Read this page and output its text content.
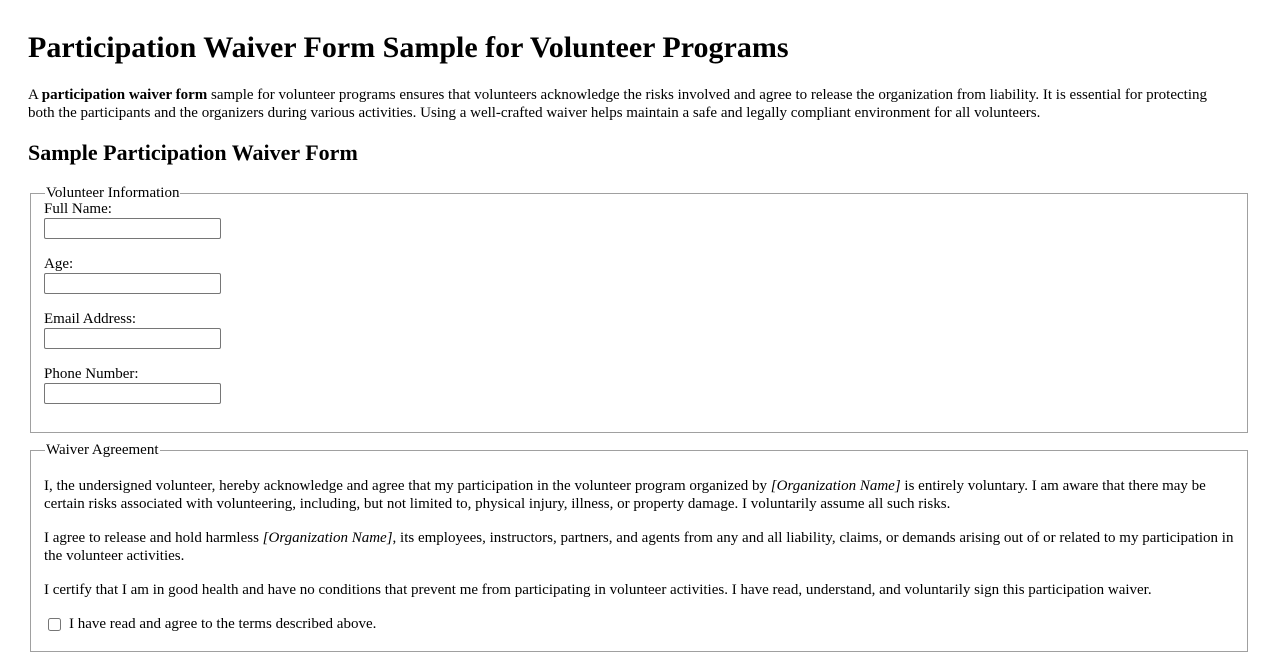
Participation Waiver Form Sample for Volunteer Programs

A participation waiver form sample for volunteer programs ensures that volunteers acknowledge the risks involved and agree to release the organization from liability. It is essential for protecting both the participants and the organizers during various activities. Using a well-crafted waiver helps maintain a safe and legally compliant environment for all volunteers.

Sample Participation Waiver Form
Volunteer Information
Full Name:
Age:
Email Address:
Phone Number:
Waiver Agreement

I, the undersigned volunteer, hereby acknowledge and agree that my participation in the volunteer program organized by [Organization Name] is entirely voluntary. I am aware that there may be certain risks associated with volunteering, including, but not limited to, physical injury, illness, or property damage. I voluntarily assume all such risks.

I agree to release and hold harmless [Organization Name], its employees, instructors, partners, and agents from any and all liability, claims, or demands arising out of or related to my participation in the volunteer activities.

I certify that I am in good health and have no conditions that prevent me from participating in volunteer activities. I have read, understand, and voluntarily sign this participation waiver.

I have read and agree to the terms described above.
